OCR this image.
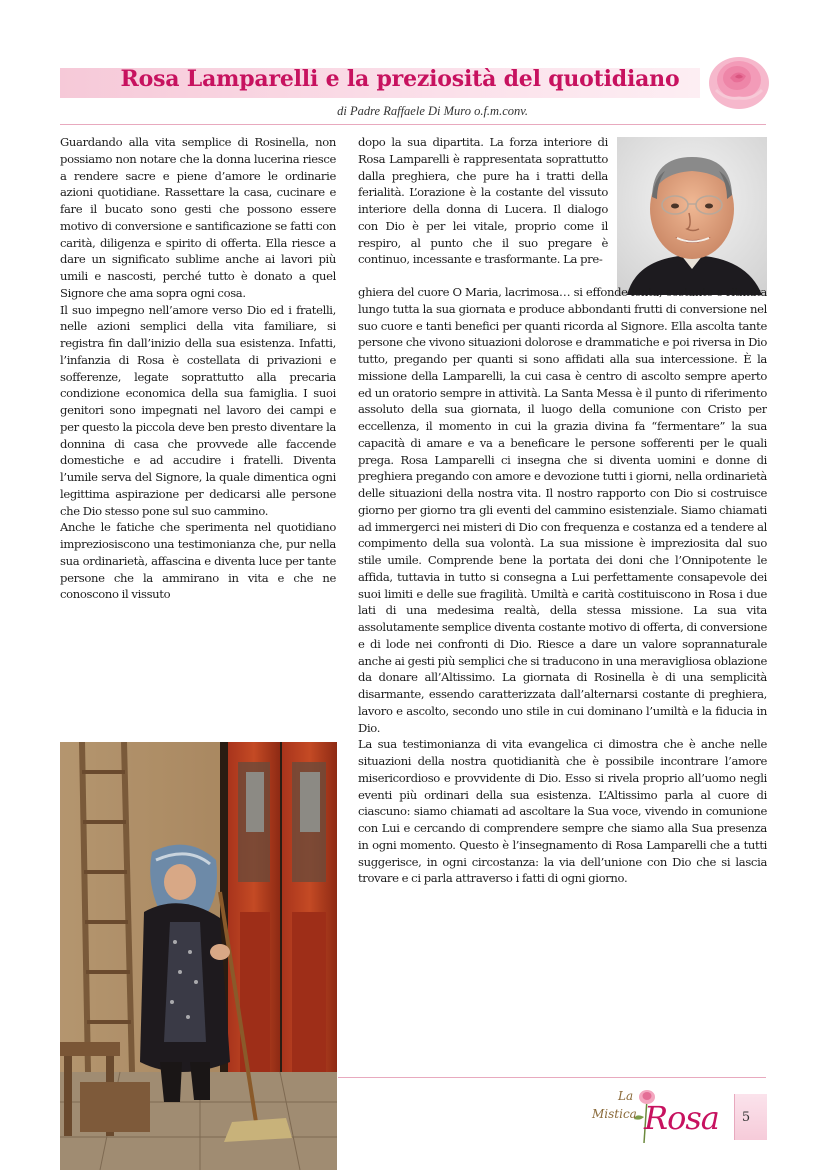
Rosa Lamparelli e la preziosità del quotidiano
di Padre Raffaele Di Muro o.f.m.conv.

Guardando alla vita semplice di Rosinella, non possiamo non notare che la donna lucerina riesce a rendere sacre e piene d’amore le ordinarie azioni quotidiane. Rassettare la casa, cucinare e fare il bucato sono gesti che possono essere motivo di conversione e santificazione se fatti con carità, diligenza e spirito di offerta. Ella riesce a dare un significato sublime anche ai lavori più umili e nascosti, perché tutto è donato a quel Signore che ama sopra ogni cosa.

Il suo impegno nell’amore verso Dio ed i fratelli, nelle azioni semplici della vita familiare, si registra fin dall’inizio della sua esistenza. Infatti, l’infanzia di Rosa è costellata di privazioni e sofferenze, legate soprattutto alla precaria condizione economica della sua famiglia. I suoi genitori sono impegnati nel lavoro dei campi e per questo la piccola deve ben presto diventare la donnina di casa che provvede alle faccende domestiche e ad accudire i fratelli. Diventa l’umile serva del Signore, la quale dimentica ogni legittima aspirazione per dedicarsi alle persone che Dio stesso pone sul suo cammino.

Anche le fatiche che sperimenta nel quotidiano impreziosiscono una testimonianza che, pur nella sua ordinarietà, affascina e diventa luce per tante persone che la ammirano in vita e che ne conoscono il vissuto

dopo la sua dipartita. La forza interiore di Rosa Lamparelli è rappresentata soprattutto dalla preghiera, che pure ha i tratti della ferialità. L’orazione è la costante del vissuto interiore della donna di Lucera. Il dialogo con Dio è per lei vitale, proprio come il respiro, al punto che il suo pregare è continuo, incessante e trasformante. La pre-

ghiera del cuore O Maria, lacrimosa… si effonde lenta, costante e ritmata lungo tutta la sua giornata e produce abbondanti frutti di conversione nel suo cuore e tanti benefici per quanti ricorda al Signore. Ella ascolta tante persone che vivono situazioni dolorose e drammatiche e poi riversa in Dio tutto, pregando per quanti si sono affidati alla sua intercessione. È la missione della Lamparelli, la cui casa è centro di ascolto sempre aperto ed un oratorio sempre in attività. La Santa Messa è il punto di riferimento assoluto della sua giornata, il luogo della comunione con Cristo per eccellenza, il momento in cui la grazia divina fa “fermentare” la sua capacità di amare e va a beneficare le persone sofferenti per le quali prega. Rosa Lamparelli ci insegna che si diventa uomini e donne di preghiera pregando con amore e devozione tutti i giorni, nella ordinarietà delle situazioni della nostra vita. Il nostro rapporto con Dio si costruisce giorno per giorno tra gli eventi del cammino esistenziale. Siamo chiamati ad immergerci nei misteri di Dio con frequenza e costanza ed a tendere al compimento della sua volontà. La sua missione è impreziosita dal suo stile umile. Comprende bene la portata dei doni che l’Onnipotente le affida, tuttavia in tutto si consegna a Lui perfettamente consapevole dei suoi limiti e delle sue fragilità. Umiltà e carità costituiscono in Rosa i due lati di una medesima realtà, della stessa missione. La sua vita assolutamente semplice diventa costante motivo di offerta, di conversione e di lode nei confronti di Dio. Riesce a dare un valore soprannaturale anche ai gesti più semplici che si traducono in una meravigliosa oblazione da donare all’Altissimo. La giornata di Rosinella è di una semplicità disarmante, essendo caratterizzata dall’alternarsi costante di preghiera, lavoro e ascolto, secondo uno stile in cui dominano l’umiltà e la fiducia in Dio.

La sua testimonianza di vita evangelica ci dimostra che è anche nelle situazioni della nostra quotidianità che è possibile incontrare l’amore misericordioso e provvidente di Dio. Esso si rivela proprio all’uomo negli eventi più ordinari della sua esistenza. L’Altissimo parla al cuore di ciascuno: siamo chiamati ad ascoltare la Sua voce, vivendo in comunione con Lui e cercando di comprendere sempre che siamo alla Sua presenza in ogni momento. Questo è l’insegnamento di Rosa Lamparelli che a tutti suggerisce, in ogni circostanza: la via dell’unione con Dio che si lascia trovare e ci parla attraverso i fatti di ogni giorno.

La
Mistica Rosa	5
